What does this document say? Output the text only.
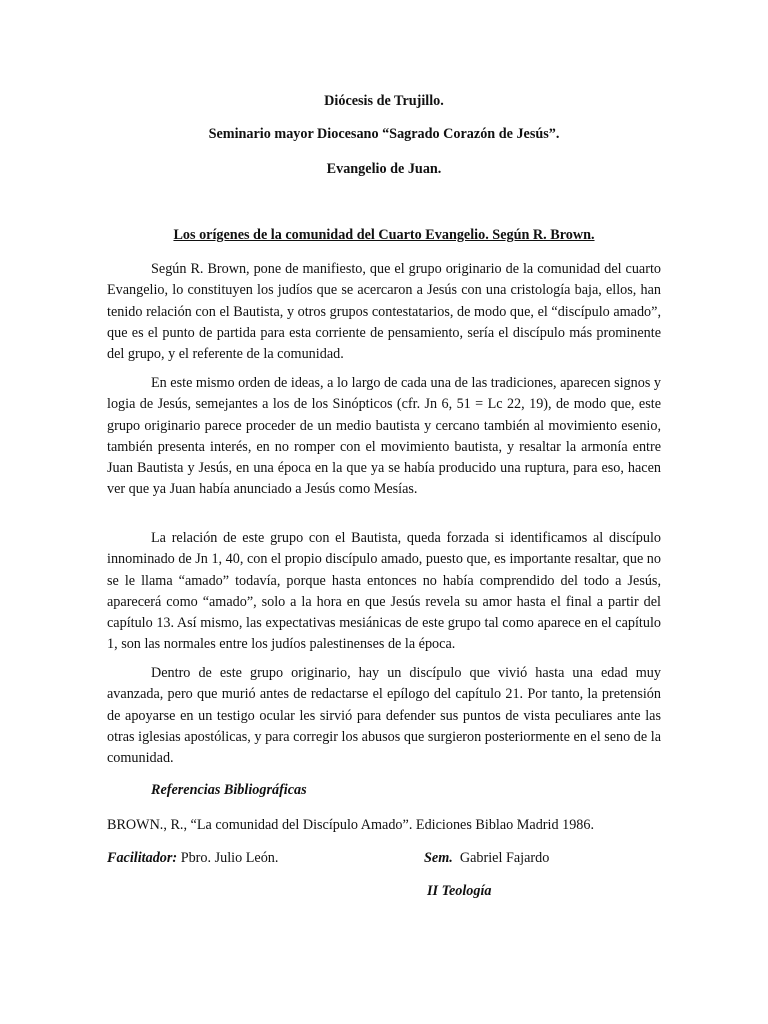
Diócesis de Trujillo.
Seminario mayor Diocesano “Sagrado Corazón de Jesús”.
Evangelio de Juan.
Los orígenes de la comunidad del Cuarto Evangelio. Según R. Brown.

Según R. Brown, pone de manifiesto, que el grupo originario de la comunidad del cuarto Evangelio, lo constituyen los judíos que se acercaron a Jesús con una cristología baja, ellos, han tenido relación con el Bautista, y otros grupos contestatarios, de modo que, el “discípulo amado”, que es el punto de partida para esta corriente de pensamiento, sería el discípulo más prominente del grupo, y el referente de la comunidad.

En este mismo orden de ideas, a lo largo de cada una de las tradiciones, aparecen signos y logia de Jesús, semejantes a los de los Sinópticos (cfr. Jn 6, 51 = Lc 22, 19), de modo que, este grupo originario parece proceder de un medio bautista y cercano también al movimiento esenio, también presenta interés, en no romper con el movimiento bautista, y resaltar la armonía entre Juan Bautista y Jesús, en una época en la que ya se había producido una ruptura, para eso, hacen ver que ya Juan había anunciado a Jesús como Mesías.

La relación de este grupo con el Bautista, queda forzada si identificamos al discípulo innominado de Jn 1, 40, con el propio discípulo amado, puesto que, es importante resaltar, que no se le llama “amado” todavía, porque hasta entonces no había comprendido del todo a Jesús, aparecerá como “amado”, solo a la hora en que Jesús revela su amor hasta el final a partir del capítulo 13. Así mismo, las expectativas mesiánicas de este grupo tal como aparece en el capítulo 1, son las normales entre los judíos palestinenses de la época.

Dentro de este grupo originario, hay un discípulo que vivió hasta una edad muy avanzada, pero que murió antes de redactarse el epílogo del capítulo 21. Por tanto, la pretensión de apoyarse en un testigo ocular les sirvió para defender sus puntos de vista peculiares ante las otras iglesias apostólicas, y para corregir los abusos que surgieron posteriormente en el seno de la comunidad.

Referencias Bibliográficas
BROWN., R., “La comunidad del Discípulo Amado”. Ediciones Biblao Madrid 1986.
Facilitador: Pbro. Julio León.	Sem.  Gabriel Fajardo
II Teología
